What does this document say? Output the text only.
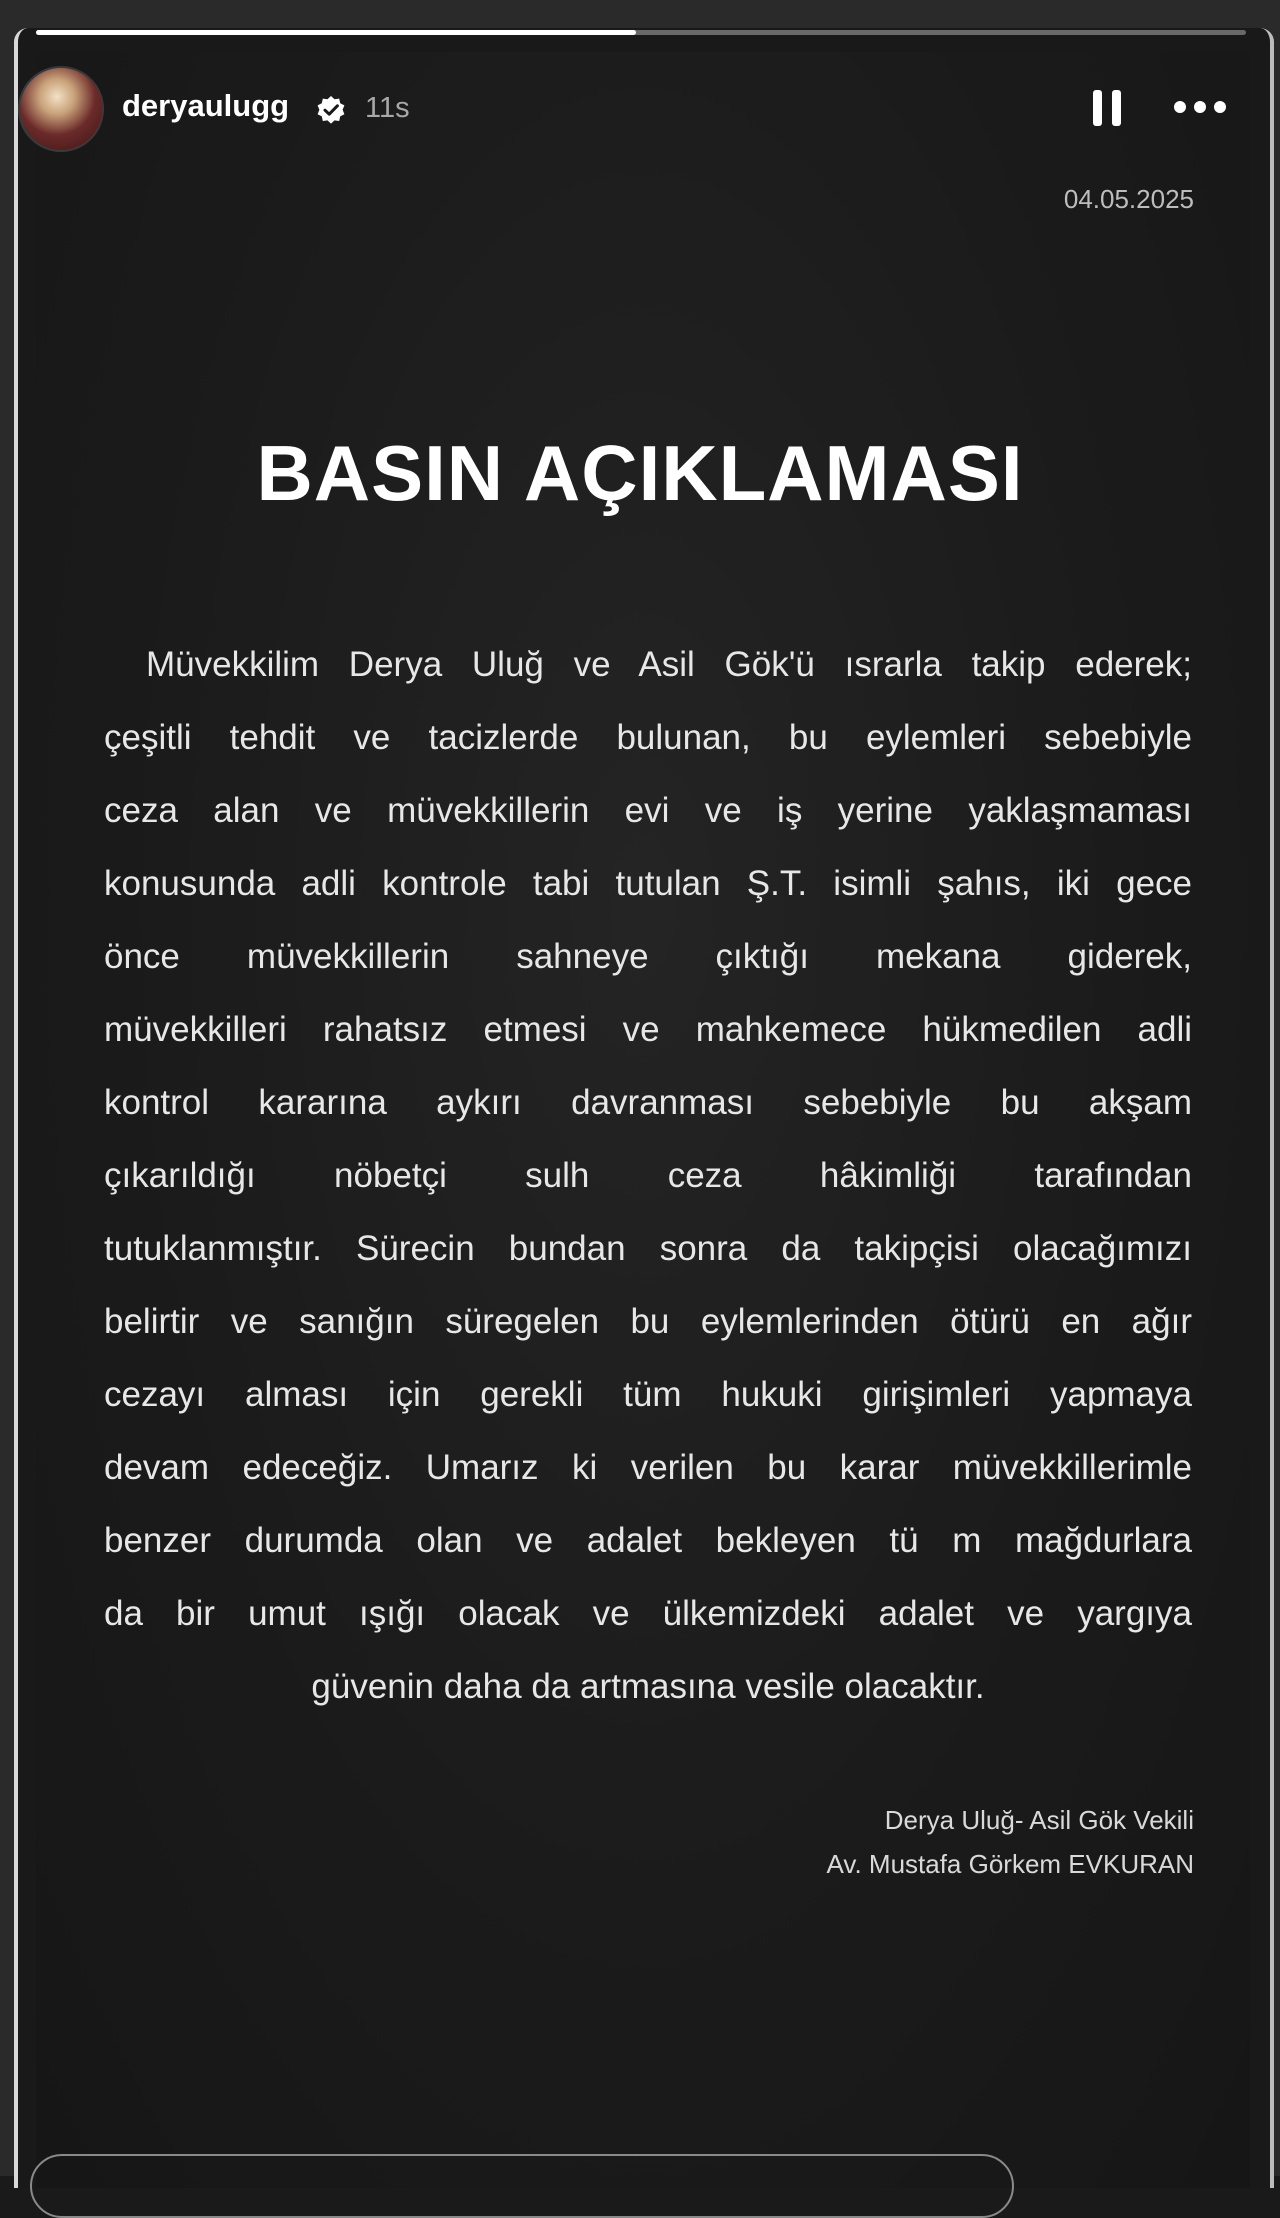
deryaulugg	11s
04.05.2025
BASIN AÇIKLAMASI
Müvekkilim Derya Uluğ ve Asil Gök'ü ısrarla takip ederek;
çeşitli tehdit ve tacizlerde bulunan, bu eylemleri sebebiyle
ceza alan ve müvekkillerin evi ve iş yerine yaklaşmaması
konusunda adli kontrole tabi tutulan Ş.T. isimli şahıs, iki gece
önce müvekkillerin sahneye çıktığı mekana giderek,
müvekkilleri rahatsız etmesi ve mahkemece hükmedilen adli
kontrol kararına aykırı davranması sebebiyle bu akşam
çıkarıldığı nöbetçi sulh ceza hâkimliği tarafından
tutuklanmıştır. Sürecin bundan sonra da takipçisi olacağımızı
belirtir ve sanığın süregelen bu eylemlerinden ötürü en ağır
cezayı alması için gerekli tüm hukuki girişimleri yapmaya
devam edeceğiz. Umarız ki verilen bu karar müvekkillerimle
benzer durumda olan ve adalet bekleyen tü m mağdurlara
da bir umut ışığı olacak ve ülkemizdeki adalet ve yargıya
güvenin daha da artmasına vesile olacaktır.
Derya Uluğ- Asil Gök Vekili
Av. Mustafa Görkem EVKURAN
